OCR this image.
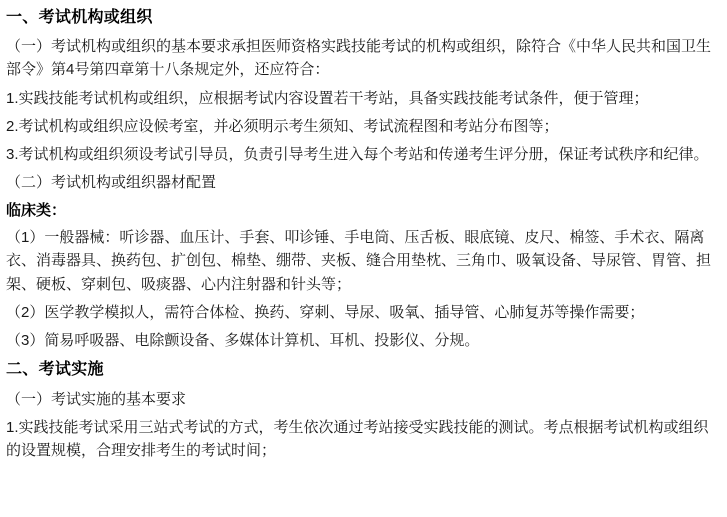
一、考试机构或组织

（一）考试机构或组织的基本要求承担医师资格实践技能考试的机构或组织，除符合《中华人民共和国卫生部令》第4号第四章第十八条规定外，还应符合：

1.实践技能考试机构或组织，应根据考试内容设置若干考站，具备实践技能考试条件，便于管理；

2.考试机构或组织应设候考室，并必须明示考生须知、考试流程图和考站分布图等；

3.考试机构或组织须设考试引导员，负责引导考生进入每个考站和传递考生评分册，保证考试秩序和纪律。

（二）考试机构或组织器材配置

临床类：

（1）一般器械：听诊器、血压计、手套、叩诊锤、手电筒、压舌板、眼底镜、皮尺、棉签、手术衣、隔离衣、消毒器具、换药包、扩创包、棉垫、绷带、夹板、缝合用垫枕、三角巾、吸氧设备、导尿管、胃管、担架、硬板、穿刺包、吸痰器、心内注射器和针头等；

（2）医学教学模拟人，需符合体检、换药、穿刺、导尿、吸氧、插导管、心肺复苏等操作需要；

（3）简易呼吸器、电除颤设备、多媒体计算机、耳机、投影仪、分规。

二、考试实施

（一）考试实施的基本要求

1.实践技能考试采用三站式考试的方式，考生依次通过考站接受实践技能的测试。考点根据考试机构或组织的设置规模，合理安排考生的考试时间；
